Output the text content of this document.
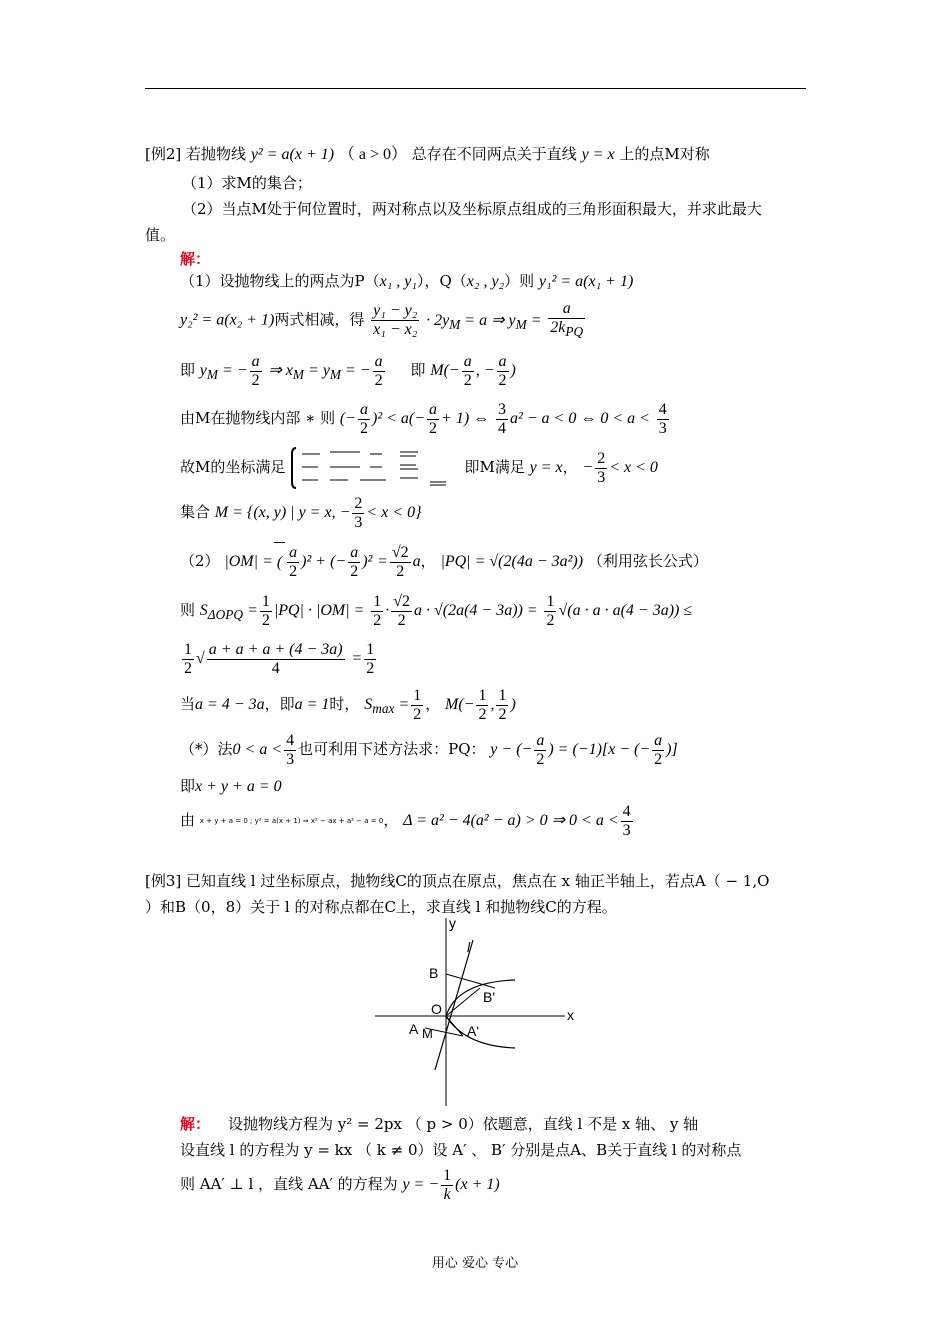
[例2] 若抛物线 y² = a(x + 1) （ a > 0） 总存在不同两点关于直线 y = x 上的点M对称
（1）求M的集合；
（2）当点M处于何位置时，两对称点以及坐标原点组成的三角形面积最大，并求此最大
值。
解：
（1）设抛物线上的两点为P（x₁ , y₁），Q（x₂ , y₂）则 y₁² = a(x₁ + 1)
y₂² = a(x₂ + 1)两式相减，得 $\frac{\text{y₁ − y₂}}{\text{x₁ − x₂}} \cdot 2y_M = a$ ⇒ $y_M = \frac{a}{2k_{PQ}}$
即 $y_M$ = − $\frac{a}{2}$ ⇒ $x_M = y_M$ = − $\frac{a}{2}$ 即 $M(- \frac{a}{2}$ , − $\frac{a}{2}$ )
由M在抛物线内部 ∗ 则 (− $\frac{a}{2} )^2 < a(- \frac{a}{2} + 1)$ ⇔ $\frac{3}{4} a^2 - a < 0$ ⇔ $0 < a < \frac{4}{3}$
故M的坐标满足	即M满足 y = x， − $\frac{2}{3} < x < 0$
集合 M = {(x, y) | y = x, − $\frac{2}{3} < x < 0$}
（2） |OM| = ( $\frac{a}{2} )^2$ + (− $\frac{a}{2} )^2 = \frac{√2}{2}$ a， |PQ| = √(2(4a − 3a²)) （利用弦长公式）
则 $S_{\Delta OPQ} = \frac{1}{2} |PQ| \cdot |OM| = \frac{1}{2} \cdot \frac{√2}{2}$ $a \cdot √(2a(4 - 3a)) = \frac{1}{2} √(a \cdot a \cdot a(4 - 3a))$ ≤
$\frac{1}{2}$ √ $\frac{a + a + a + (4 - 3a)}{4} = \frac{1}{2}$
当a = 4 − 3a，即a = 1时， $S_{max} = \frac{1}{2}$ ， $M(- \frac{1}{2}$ , $\frac{1}{2}$ )
（*）法$0 < a < \frac{4}{3}$ 也可利用下述方法求：PQ： y − (− $\frac{a}{2}$ ) = (−1)[x − (− $\frac{a}{2}$ )]
即x + y + a = 0
由 x + y + a = 0 ; y² = a(x + 1) ⇒ x² − ax + a² − a = 0， Δ = a² − 4(a² − a) > 0 ⇒ $0 < a < \frac{4}{3}$
[例3] 已知直线 l 过坐标原点，抛物线C的顶点在原点，焦点在 x 轴正半轴上，若点A（ − 1,O
）和B（0，8）关于 l 的对称点都在C上，求直线 l 和抛物线C的方程。
y
x
l
B
B'
O
A M A'
解： 设抛物线方程为 y² = 2px （ p > 0）依题意，直线 l 不是 x 轴、 y 轴
设直线 l 的方程为 y = kx （ k ≠ 0）设 A′ 、 B′ 分别是点A、B关于直线 l 的对称点
则 AA′ ⊥ l ，直线 AA′ 的方程为 y = − $\frac{1}{k} (x + 1)$
用心 爱心 专心
